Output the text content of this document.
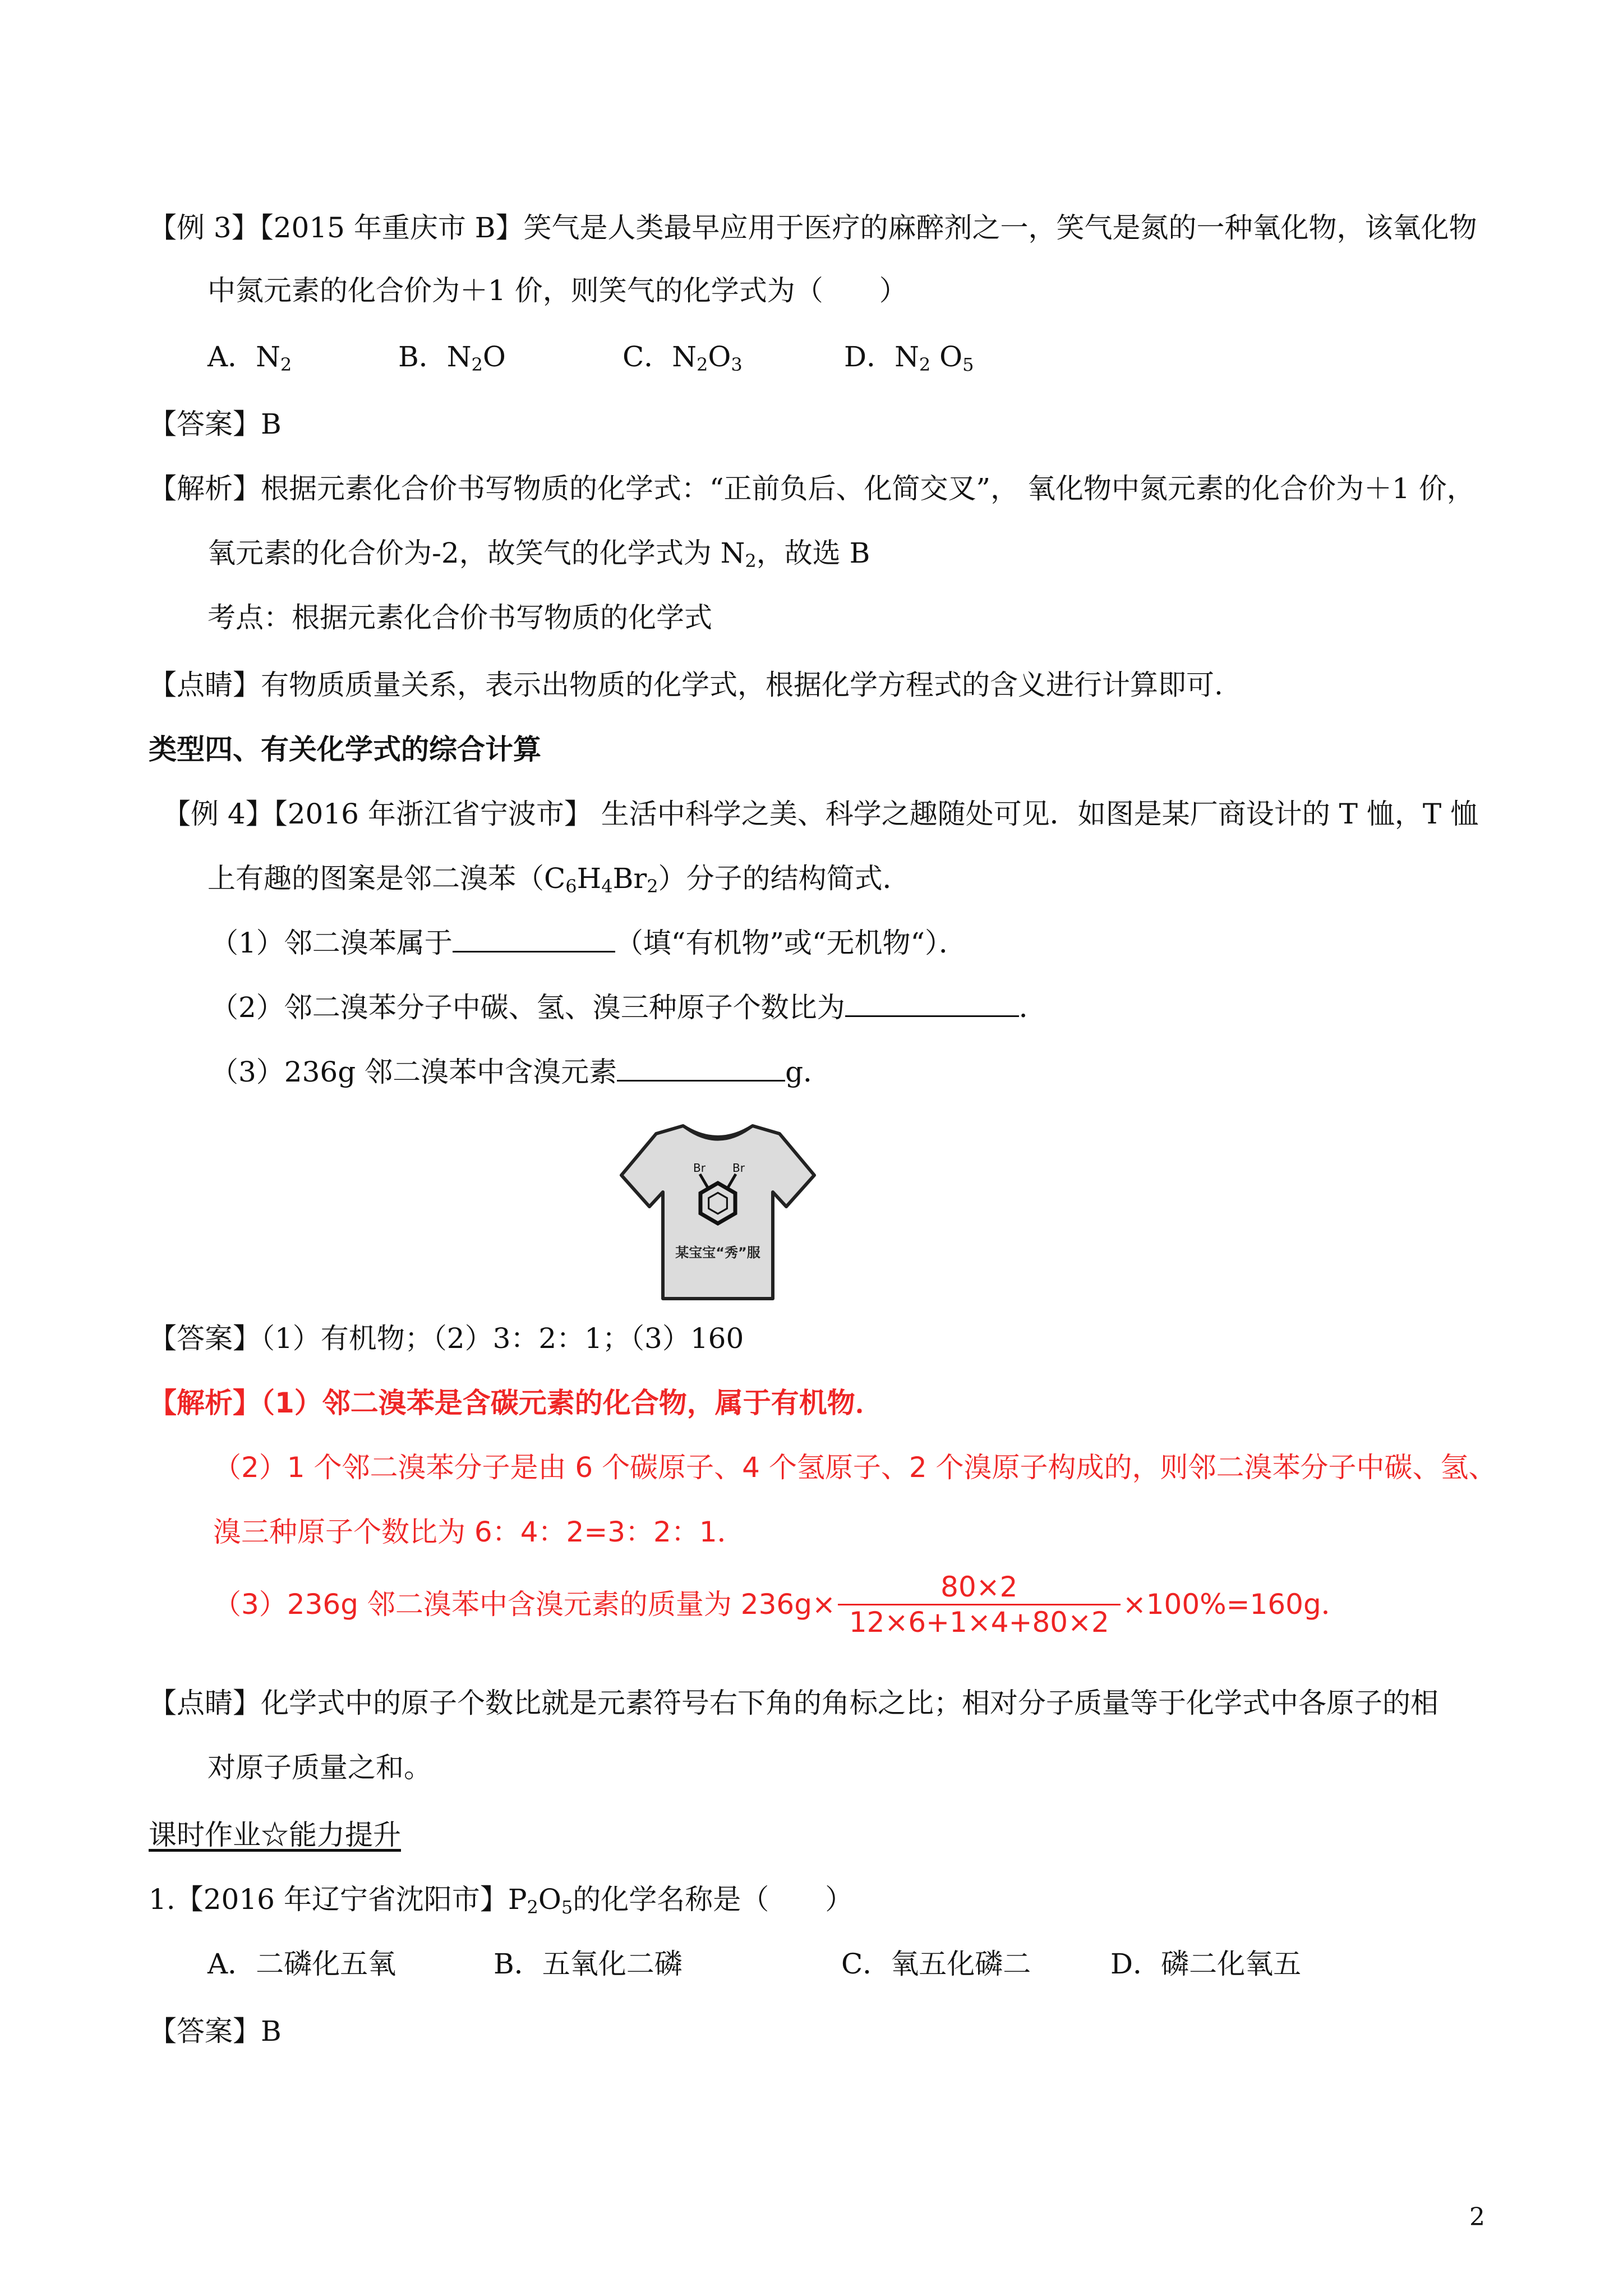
【例 3】【2015 年重庆市 B】笑气是人类最早应用于医疗的麻醉剂之一，笑气是氮的一种氧化物，该氧化物
中氮元素的化合价为＋1 价，则笑气的化学式为（　　）
A．$N_2$	B．$N_2O$	C．$N_2O_3$	D．$N_2$ $O_5$
【答案】B
【解析】根据元素化合价书写物质的化学式：“正前负后、化简交叉”， 氧化物中氮元素的化合价为＋1 价，
氧元素的化合价为-2，故笑气的化学式为 $N_2$，故选 B
考点：根据元素化合价书写物质的化学式
【点睛】有物质质量关系，表示出物质的化学式，根据化学方程式的含义进行计算即可.
类型四、有关化学式的综合计算
【例 4】【2016 年浙江省宁波市】 生活中科学之美、科学之趣随处可见．如图是某厂商设计的 T 恤，T 恤
上有趣的图案是邻二溴苯$(C_6H_4Br_2)$分子的结构简式．
（1）邻二溴苯属于	（填“有机物”或“无机物“）．
（2）邻二溴苯分子中碳、氢、溴三种原子个数比为	．
（3）236g 邻二溴苯中含溴元素	g．
Br Br
某宝宝“秀”服
【答案】（1）有机物；（2）3：2：1；（3）160
【解析】（1）邻二溴苯是含碳元素的化合物，属于有机物．
（2）1 个邻二溴苯分子是由 6 个碳原子、4 个氢原子、2 个溴原子构成的，则邻二溴苯分子中碳、氢、
溴三种原子个数比为 6：4：2=3：2：1．
（3）236g 邻二溴苯中含溴元素的质量为 $236g\times \frac{80\times 2}{12\times 6+1\times 4+80\times 2} \times 100\%=160g$．
【点睛】化学式中的原子个数比就是元素符号右下角的角标之比；相对分子质量等于化学式中各原子的相
对原子质量之和。
课时作业☆能力提升
1.【2016 年辽宁省沈阳市】$P_2O_5$的化学名称是（　　）
A．二磷化五氧	B．五氧化二磷	C．氧五化磷二	D．磷二化氧五
【答案】B
2
